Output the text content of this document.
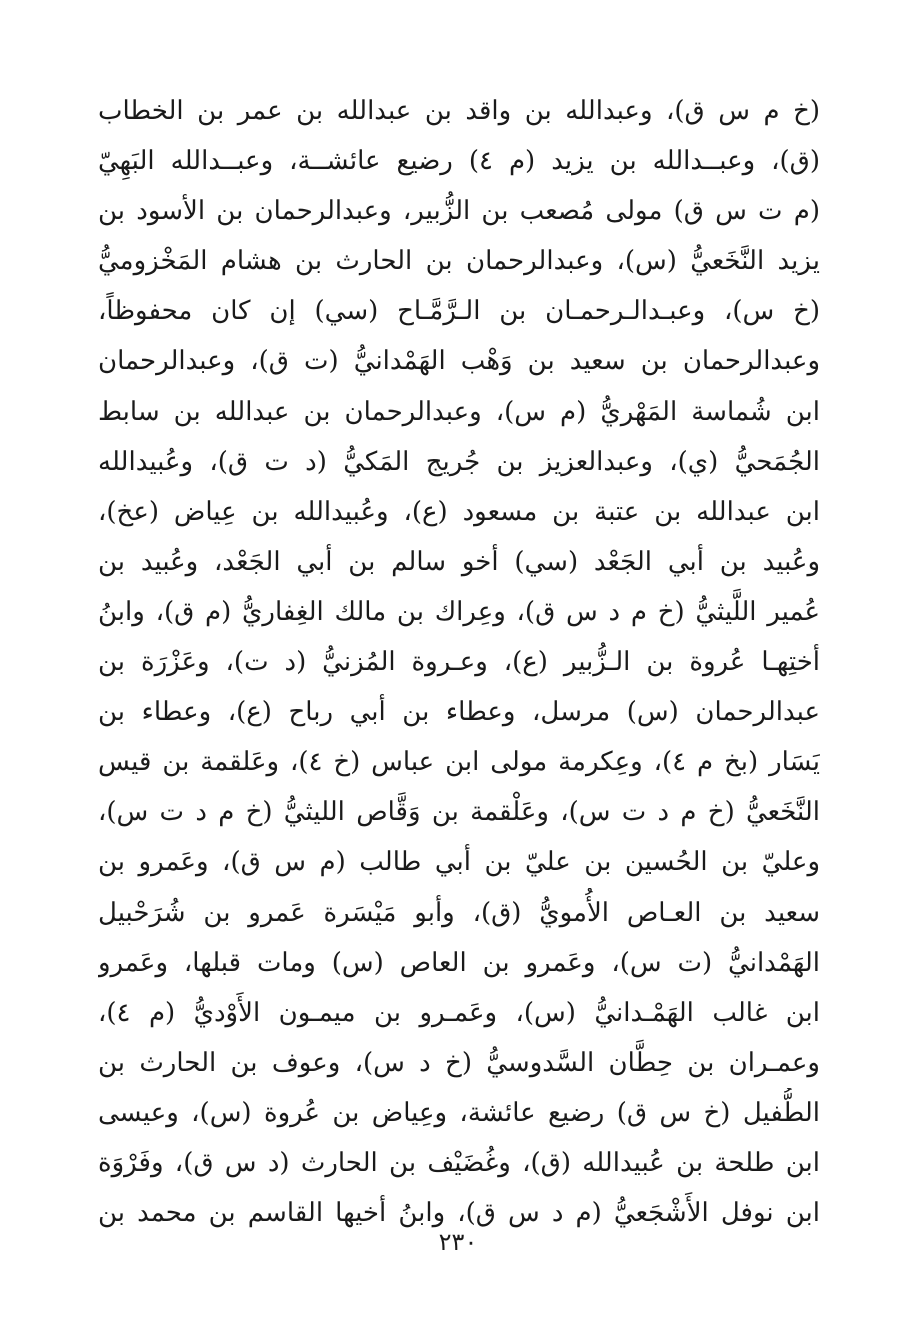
(خ م س ق)، وعبدالله بن واقد بن عبدالله بن عمر بن الخطاب
(ق)، وعبــدالله بن يزيد (م ٤) رضيع عائشــة، وعبــدالله البَهِيّ
(م ت س ق) مولى مُصعب بن الزُّبير، وعبدالرحمان بن الأسود بن
يزيد النَّخَعيُّ (س)، وعبدالرحمان بن الحارث بن هشام المَخْزوميُّ
(خ س)، وعبـدالـرحمـان بن الـرَّمَّـاح (سي) إن كان محفوظاً،
وعبدالرحمان بن سعيد بن وَهْب الهَمْدانيُّ (ت ق)، وعبدالرحمان
ابن شُماسة المَهْريُّ (م س)، وعبدالرحمان بن عبدالله بن سابط
الجُمَحيُّ (ي)، وعبدالعزيز بن جُريج المَكيُّ (د ت ق)، وعُبيدالله
ابن عبدالله بن عتبة بن مسعود (ع)، وعُبيدالله بن عِياض (عخ)،
وعُبيد بن أبي الجَعْد (سي) أخو سالم بن أبي الجَعْد، وعُبيد بن
عُمير اللَّيثيُّ (خ م د س ق)، وعِراك بن مالك الغِفاريُّ (م ق)، وابنُ
أختِهـا عُروة بن الـزُّبير (ع)، وعـروة المُزنيُّ (د ت)، وعَزْرَة بن
عبدالرحمان (س) مرسل، وعطاء بن أبي رباح (ع)، وعطاء بن
يَسَار (بخ م ٤)، وعِكرمة مولى ابن عباس (خ ٤)، وعَلقمة بن قيس
النَّخَعيُّ (خ م د ت س)، وعَلْقمة بن وَقَّاص الليثيُّ (خ م د ت س)،
وعليّ بن الحُسين بن عليّ بن أبي طالب (م س ق)، وعَمرو بن
سعيد بن العـاص الأُمويُّ (ق)، وأبو مَيْسَرة عَمرو بن شُرَحْبيل
الهَمْدانيُّ (ت س)، وعَمرو بن العاص (س) ومات قبلها، وعَمرو
ابن غالب الهَمْـدانيُّ (س)، وعَمـرو بن ميمـون الأَوْديُّ (م ٤)،
وعمـران بن حِطَّان السَّدوسيُّ (خ د س)، وعوف بن الحارث بن
الطُّفيل (خ س ق) رضيع عائشة، وعِياض بن عُروة (س)، وعيسى
ابن طلحة بن عُبيدالله (ق)، وغُضَيْف بن الحارث (د س ق)، وفَرْوَة
ابن نوفل الأَشْجَعيُّ (م د س ق)، وابنُ أخيها القاسم بن محمد بن
٢٣٠
